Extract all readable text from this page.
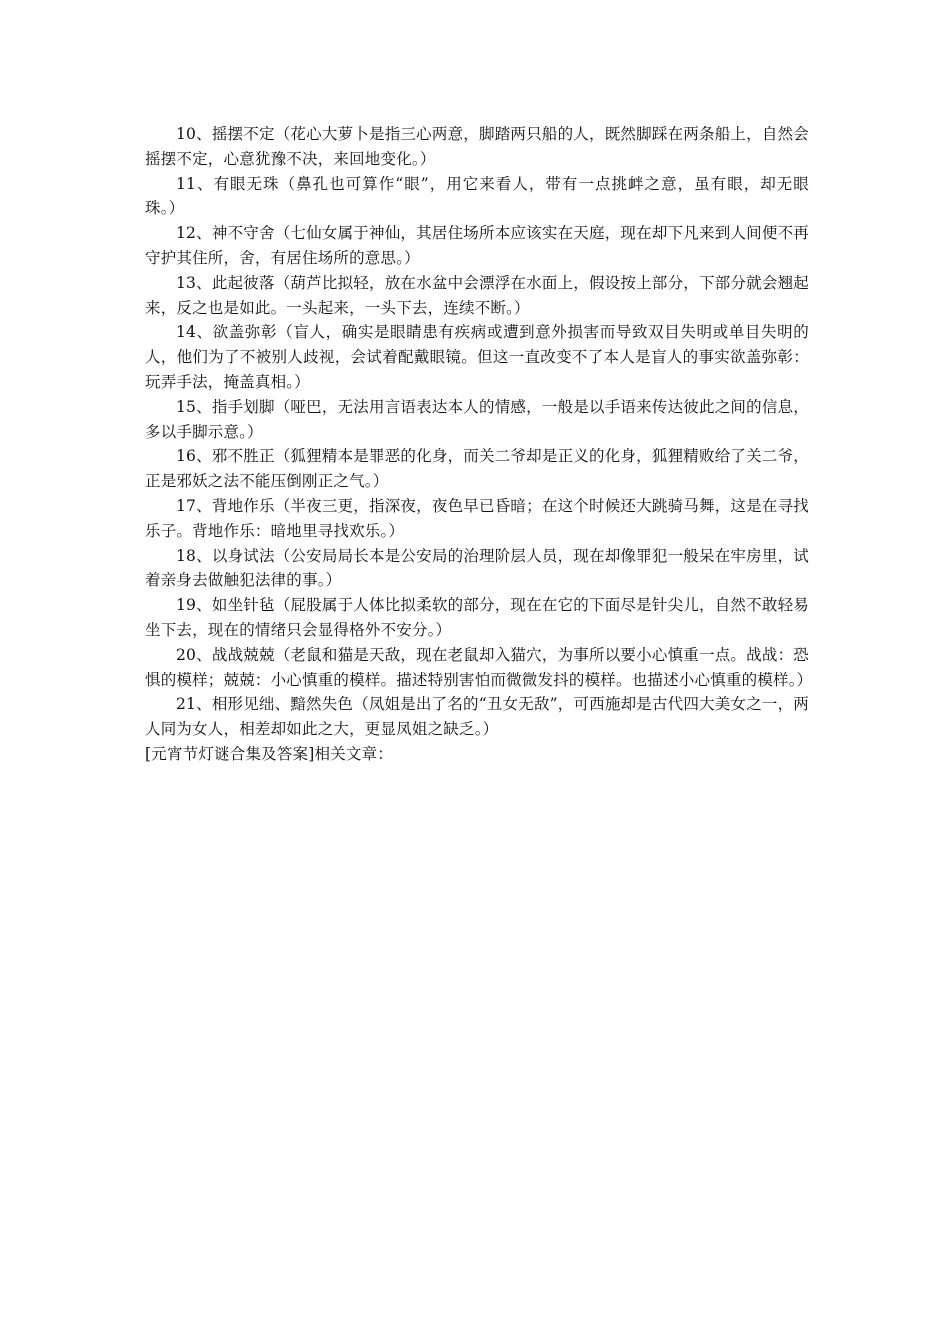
10、摇摆不定（花心大萝卜是指三心两意，脚踏两只船的人，既然脚踩在两条船上，自然会摇摆不定，心意犹豫不决，来回地变化。）

11、有眼无珠（鼻孔也可算作“眼”，用它来看人，带有一点挑衅之意，虽有眼，却无眼珠。）

12、神不守舍（七仙女属于神仙，其居住场所本应该实在天庭，现在却下凡来到人间便不再守护其住所，舍，有居住场所的意思。）

13、此起彼落（葫芦比拟轻，放在水盆中会漂浮在水面上，假设按上部分，下部分就会翘起来，反之也是如此。一头起来，一头下去，连续不断。）

14、欲盖弥彰（盲人，确实是眼睛患有疾病或遭到意外损害而导致双目失明或单目失明的人，他们为了不被别人歧视，会试着配戴眼镜。但这一直改变不了本人是盲人的事实欲盖弥彰：玩弄手法，掩盖真相。）

15、指手划脚（哑巴，无法用言语表达本人的情感，一般是以手语来传达彼此之间的信息，多以手脚示意。）

16、邪不胜正（狐狸精本是罪恶的化身，而关二爷却是正义的化身，狐狸精败给了关二爷，正是邪妖之法不能压倒刚正之气。）

17、背地作乐（半夜三更，指深夜，夜色早已昏暗；在这个时候还大跳骑马舞，这是在寻找乐子。背地作乐：暗地里寻找欢乐。）

18、以身试法（公安局局长本是公安局的治理阶层人员，现在却像罪犯一般呆在牢房里，试着亲身去做触犯法律的事。）

19、如坐针毡（屁股属于人体比拟柔软的部分，现在在它的下面尽是针尖儿，自然不敢轻易坐下去，现在的情绪只会显得格外不安分。）

20、战战兢兢（老鼠和猫是天敌，现在老鼠却入猫穴，为事所以要小心慎重一点。战战：恐惧的模样；兢兢：小心慎重的模样。描述特别害怕而微微发抖的模样。也描述小心慎重的模样。）

21、相形见绌、黯然失色（凤姐是出了名的“丑女无敌”，可西施却是古代四大美女之一，两人同为女人，相差却如此之大，更显凤姐之缺乏。）

[元宵节灯谜合集及答案]相关文章：
